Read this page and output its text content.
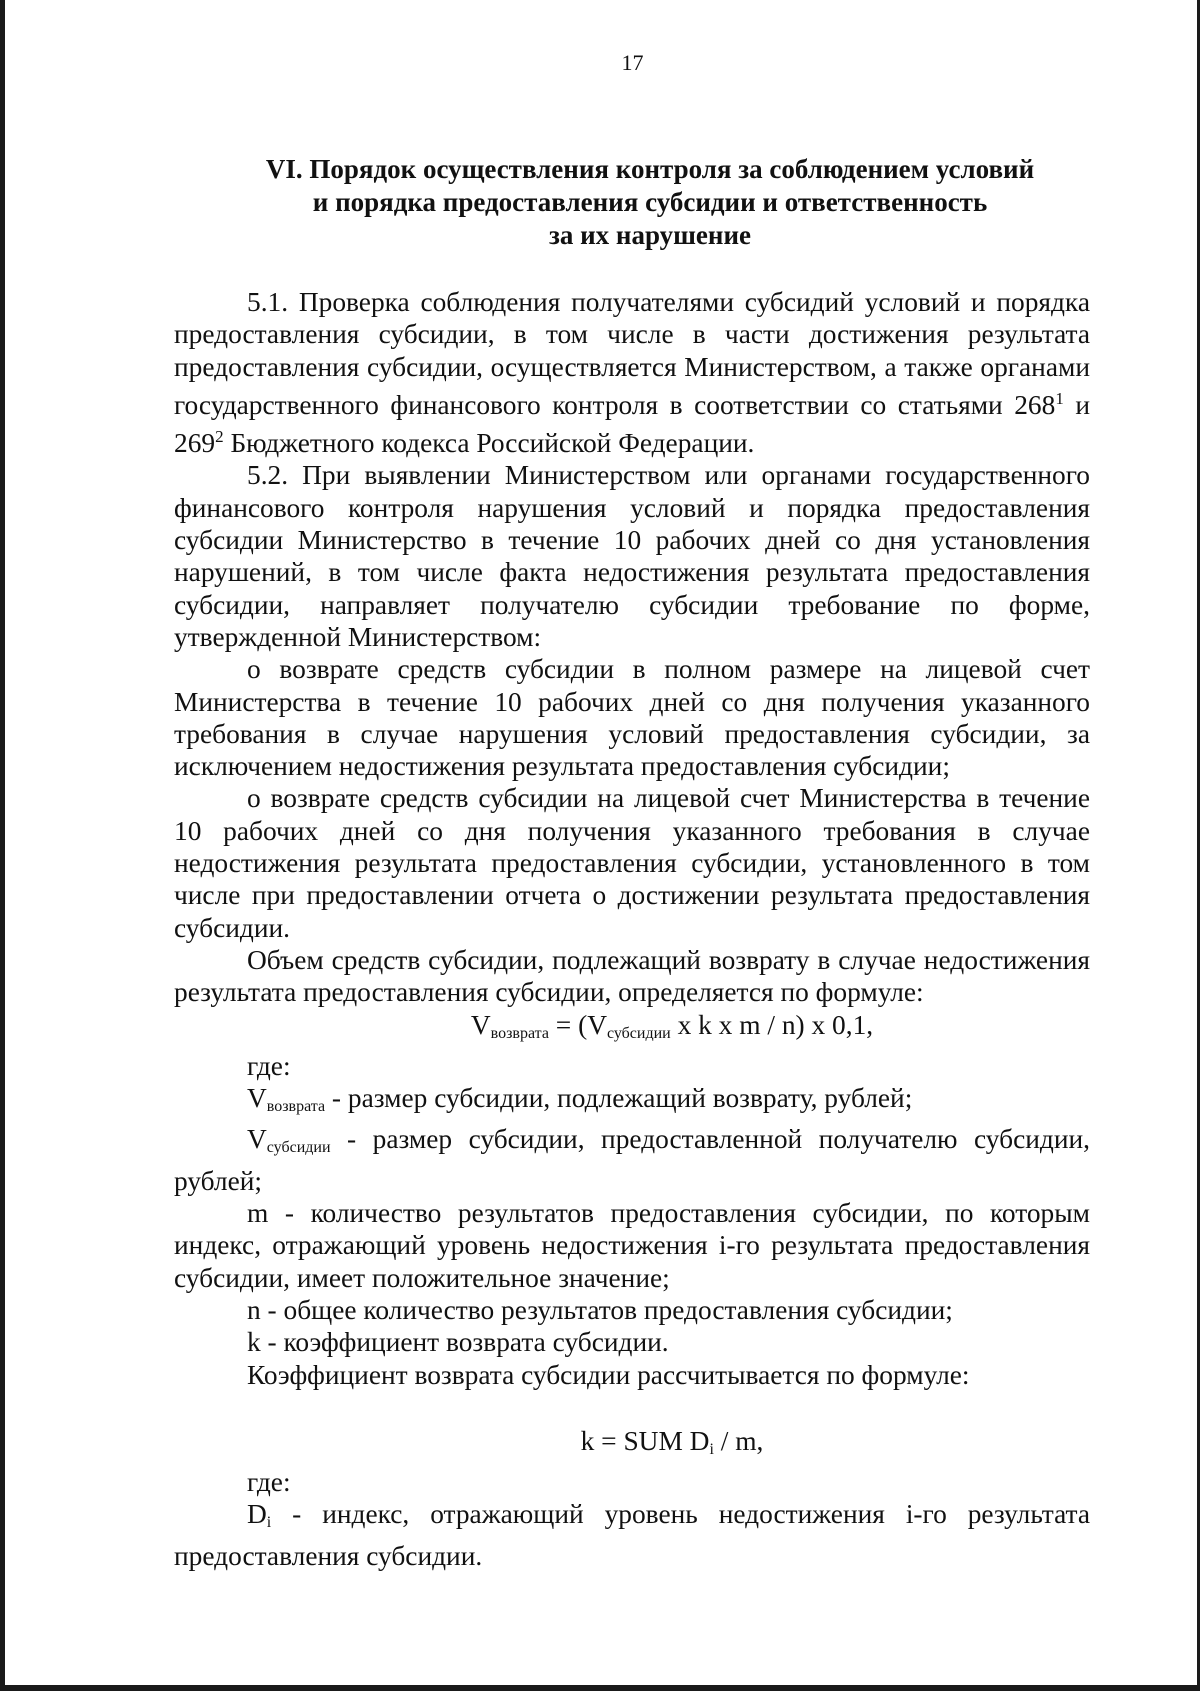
17
VI. Порядок осуществления контроля за соблюдением условий
и порядка предоставления субсидии и ответственность
за их нарушение

5.1. Проверка соблюдения получателями субсидий условий и порядка предоставления субсидии, в том числе в части достижения результата предоставления субсидии, осуществляется Министерством, а также органами государственного финансового контроля в соответствии со статьями $268^1$ и $269^2$ Бюджетного кодекса Российской Федерации.

5.2. При выявлении Министерством или органами государственного финансового контроля нарушения условий и порядка предоставления субсидии Министерство в течение 10 рабочих дней со дня установления нарушений, в том числе факта недостижения результата предоставления субсидии, направляет получателю субсидии требование по форме, утвержденной Министерством:

о возврате средств субсидии в полном размере на лицевой счет Министерства в течение 10 рабочих дней со дня получения указанного требования в случае нарушения условий предоставления субсидии, за исключением недостижения результата предоставления субсидии;

о возврате средств субсидии на лицевой счет Министерства в течение 10 рабочих дней со дня получения указанного требования в случае недостижения результата предоставления субсидии, установленного в том числе при предоставлении отчета о достижении результата предоставления субсидии.

Объем средств субсидии, подлежащий возврату в случае недостижения результата предоставления субсидии, определяется по формуле:

$V_{возврата} = (V_{субсидии}$ x k x m / n) x 0,1,

где:

$V_{возврата}$ - размер субсидии, подлежащий возврату, рублей;

$V_{субсидии}$ - размер субсидии, предоставленной получателю субсидии, рублей;

m - количество результатов предоставления субсидии, по которым индекс, отражающий уровень недостижения i-го результата предоставления субсидии, имеет положительное значение;

n - общее количество результатов предоставления субсидии;

k - коэффициент возврата субсидии.

Коэффициент возврата субсидии рассчитывается по формуле:

k = SUM $D_i$ / m,

где:

$D_i$ - индекс, отражающий уровень недостижения i-го результата предоставления субсидии.
